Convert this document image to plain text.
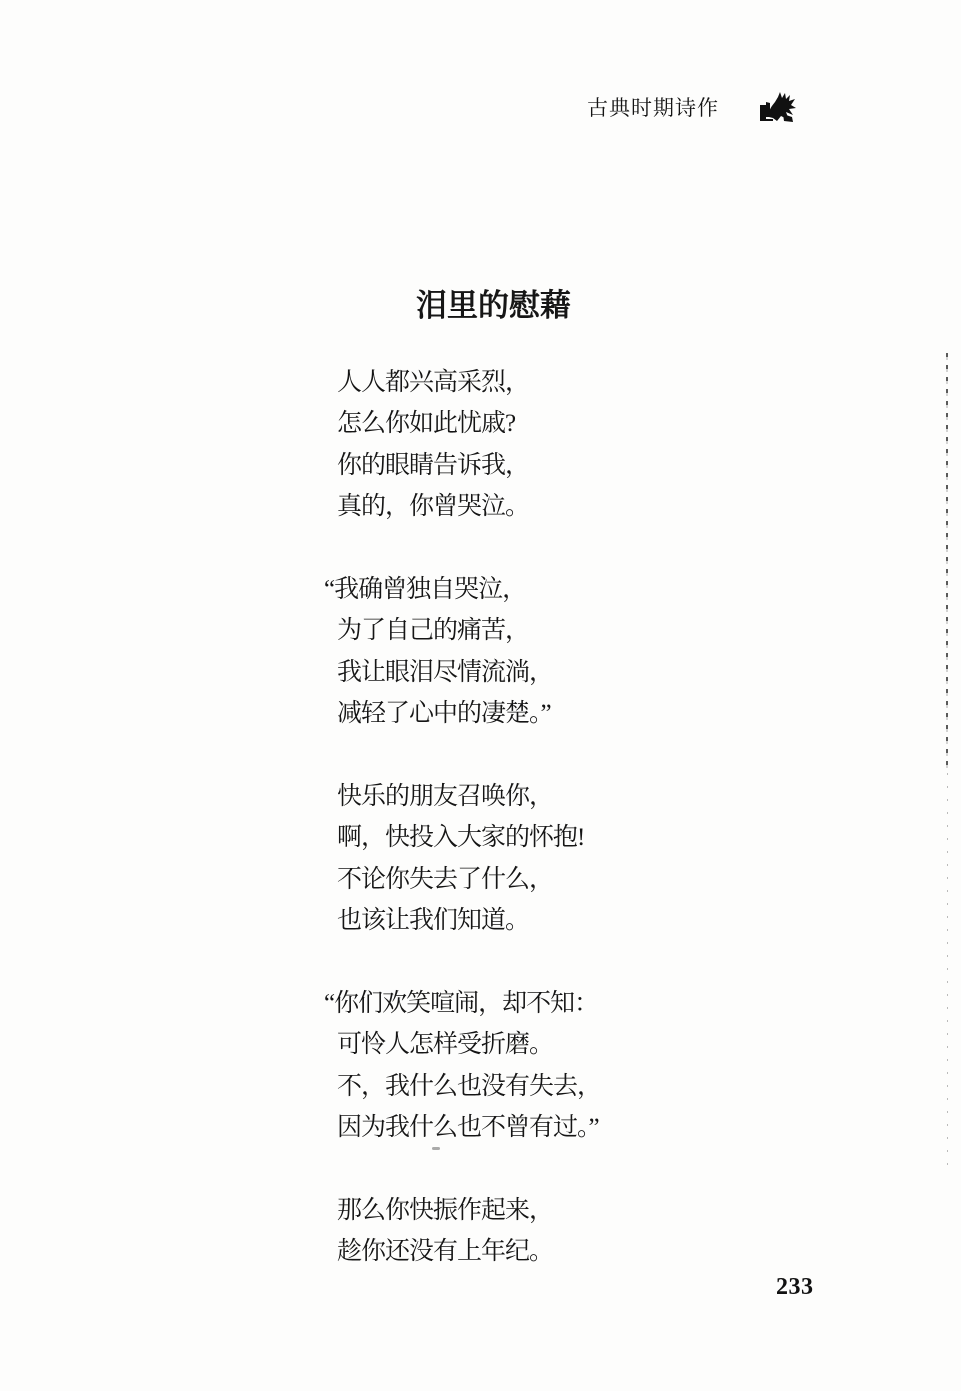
古典时期诗作
泪里的慰藉

人人都兴高采烈，

怎么你如此忧戚?

你的眼睛告诉我，

真的，你曾哭泣。

“我确曾独自哭泣，

为了自己的痛苦，

我让眼泪尽情流淌，

减轻了心中的凄楚。”

快乐的朋友召唤你，

啊，快投入大家的怀抱!

不论你失去了什么，

也该让我们知道。

“你们欢笑喧闹，却不知：

可怜人怎样受折磨。

不，我什么也没有失去，

因为我什么也不曾有过。”

那么你快振作起来，

趁你还没有上年纪。

233
